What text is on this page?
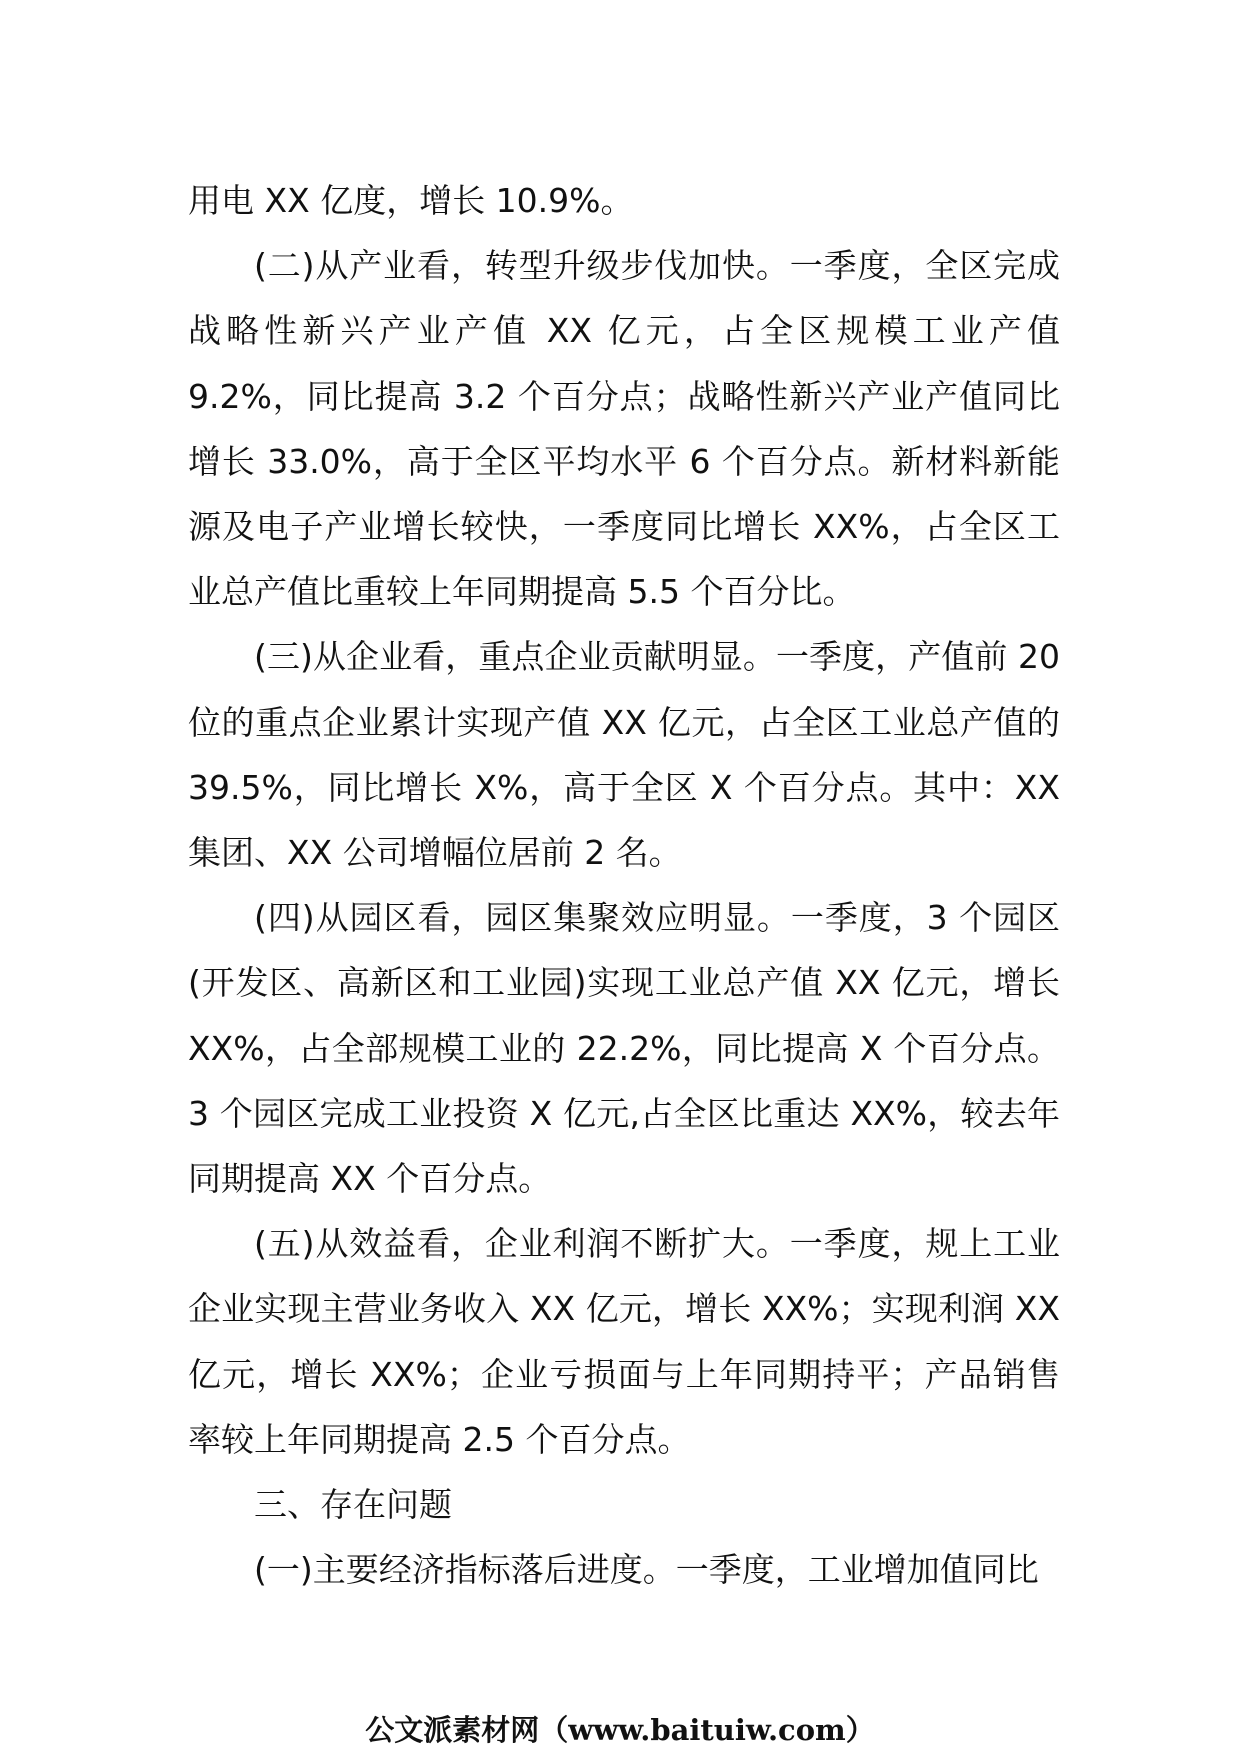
用电 XX 亿度，增长 10.9%。

(二)从产业看，转型升级步伐加快。一季度，全区完成战略性新兴产业产值 XX 亿元，占全区规模工业产值 9.2%，同比提高 3.2 个百分点；战略性新兴产业产值同比增长 33.0%，高于全区平均水平 6 个百分点。新材料新能源及电子产业增长较快，一季度同比增长 XX%，占全区工业总产值比重较上年同期提高 5.5 个百分比。

(三)从企业看，重点企业贡献明显。一季度，产值前 20 位的重点企业累计实现产值 XX 亿元，占全区工业总产值的 39.5%，同比增长 X%，高于全区 X 个百分点。其中：XX 集团、XX 公司增幅位居前 2 名。

(四)从园区看，园区集聚效应明显。一季度，3 个园区(开发区、高新区和工业园)实现工业总产值 XX 亿元，增长 XX%，占全部规模工业的 22.2%，同比提高 X 个百分点。3 个园区完成工业投资 X 亿元,占全区比重达 XX%，较去年同期提高 XX 个百分点。

(五)从效益看，企业利润不断扩大。一季度，规上工业企业实现主营业务收入 XX 亿元，增长 XX%；实现利润 XX 亿元，增长 XX%；企业亏损面与上年同期持平；产品销售率较上年同期提高 2.5 个百分点。

三、存在问题

(一)主要经济指标落后进度。一季度，工业增加值同比

公文派素材网（www.baituiw.com）
